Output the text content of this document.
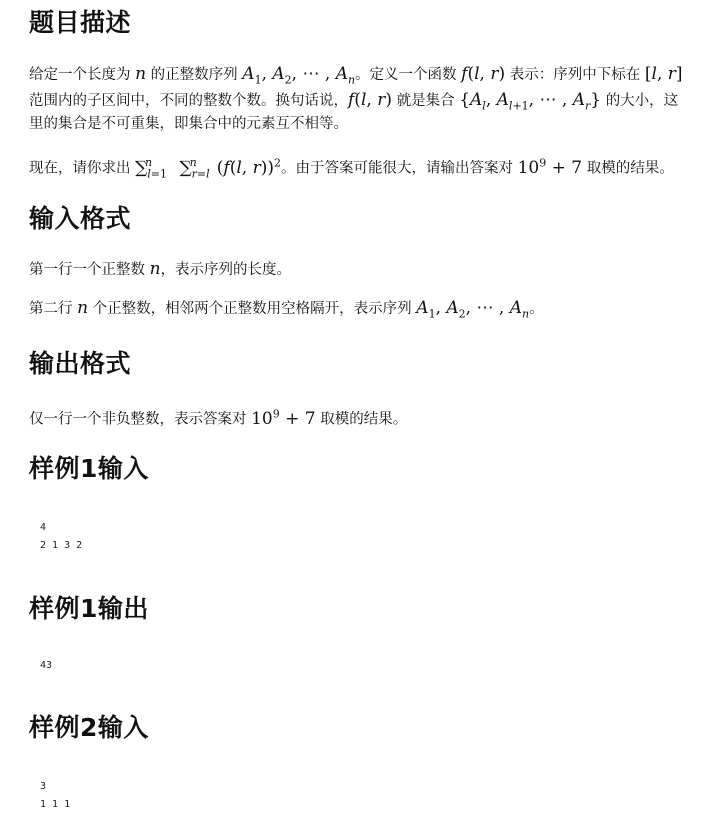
题目描述

给定一个长度为 n 的正整数序列 $A_1$, $A_2$, ⋯ , $A_n$。定义一个函数 f(l, r) 表示：序列中下标在 [l, r]

范围内的子区间中，不同的整数个数。换句话说，f(l, r) 就是集合 {$A_l$, $A_{l+1}$, ⋯ , $A_r$} 的大小，这

里的集合是不可重集，即集合中的元素互不相等。

现在，请你求出 $\sum_{l=1}^n$ $\sum_{r=l}^n$ (f(l, r))$^2$。由于答案可能很大，请输出答案对 $10^9 + 7$ 取模的结果。

输入格式

第一行一个正整数 n，表示序列的长度。

第二行 n 个正整数，相邻两个正整数用空格隔开，表示序列 $A_1$, $A_2$, ⋯ , $A_n$。

输出格式

仅一行一个非负整数，表示答案对 $10^9 + 7$ 取模的结果。

样例1输入
4
2 1 3 2
样例1输出
43
样例2输入
3
1 1 1
